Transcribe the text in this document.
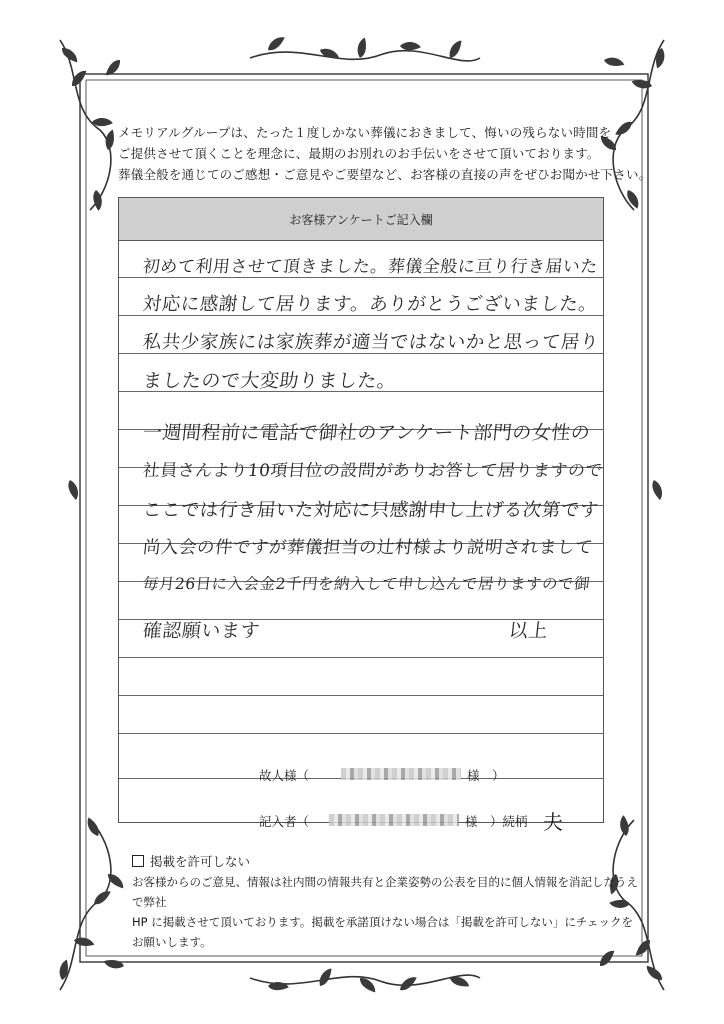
メモリアルグループは、たった１度しかない葬儀におきまして、悔いの残らない時間を
ご提供させて頂くことを理念に、最期のお別れのお手伝いをさせて頂いております。
葬儀全般を通じてのご感想・ご意見やご要望など、お客様の直接の声をぜひお聞かせ下さい。
お客様アンケートご記入欄
初めて利用させて頂きました。葬儀全般に亘り行き届いた
対応に感謝して居ります。ありがとうございました。
私共少家族には家族葬が適当ではないかと思って居り
ましたので大変助りました。
一週間程前に電話で御社のアンケート部門の女性の
社員さんより10項目位の設問がありお答して居りますので
ここでは行き届いた対応に只感謝申し上げる次第です
尚入会の件ですが葬儀担当の辻村様より説明されまして
毎月26日に入会金2千円を納入して申し込んで居りますので御
確認願います	以上
故人様（	様　）
記入者（	様　）続柄 夫
掲載を許可しない
お客様からのご意見、情報は社内間の情報共有と企業姿勢の公表を目的に個人情報を消記したうえで弊社
HP に掲載させて頂いております。掲載を承諾頂けない場合は「掲載を許可しない」にチェックをお願いします。
